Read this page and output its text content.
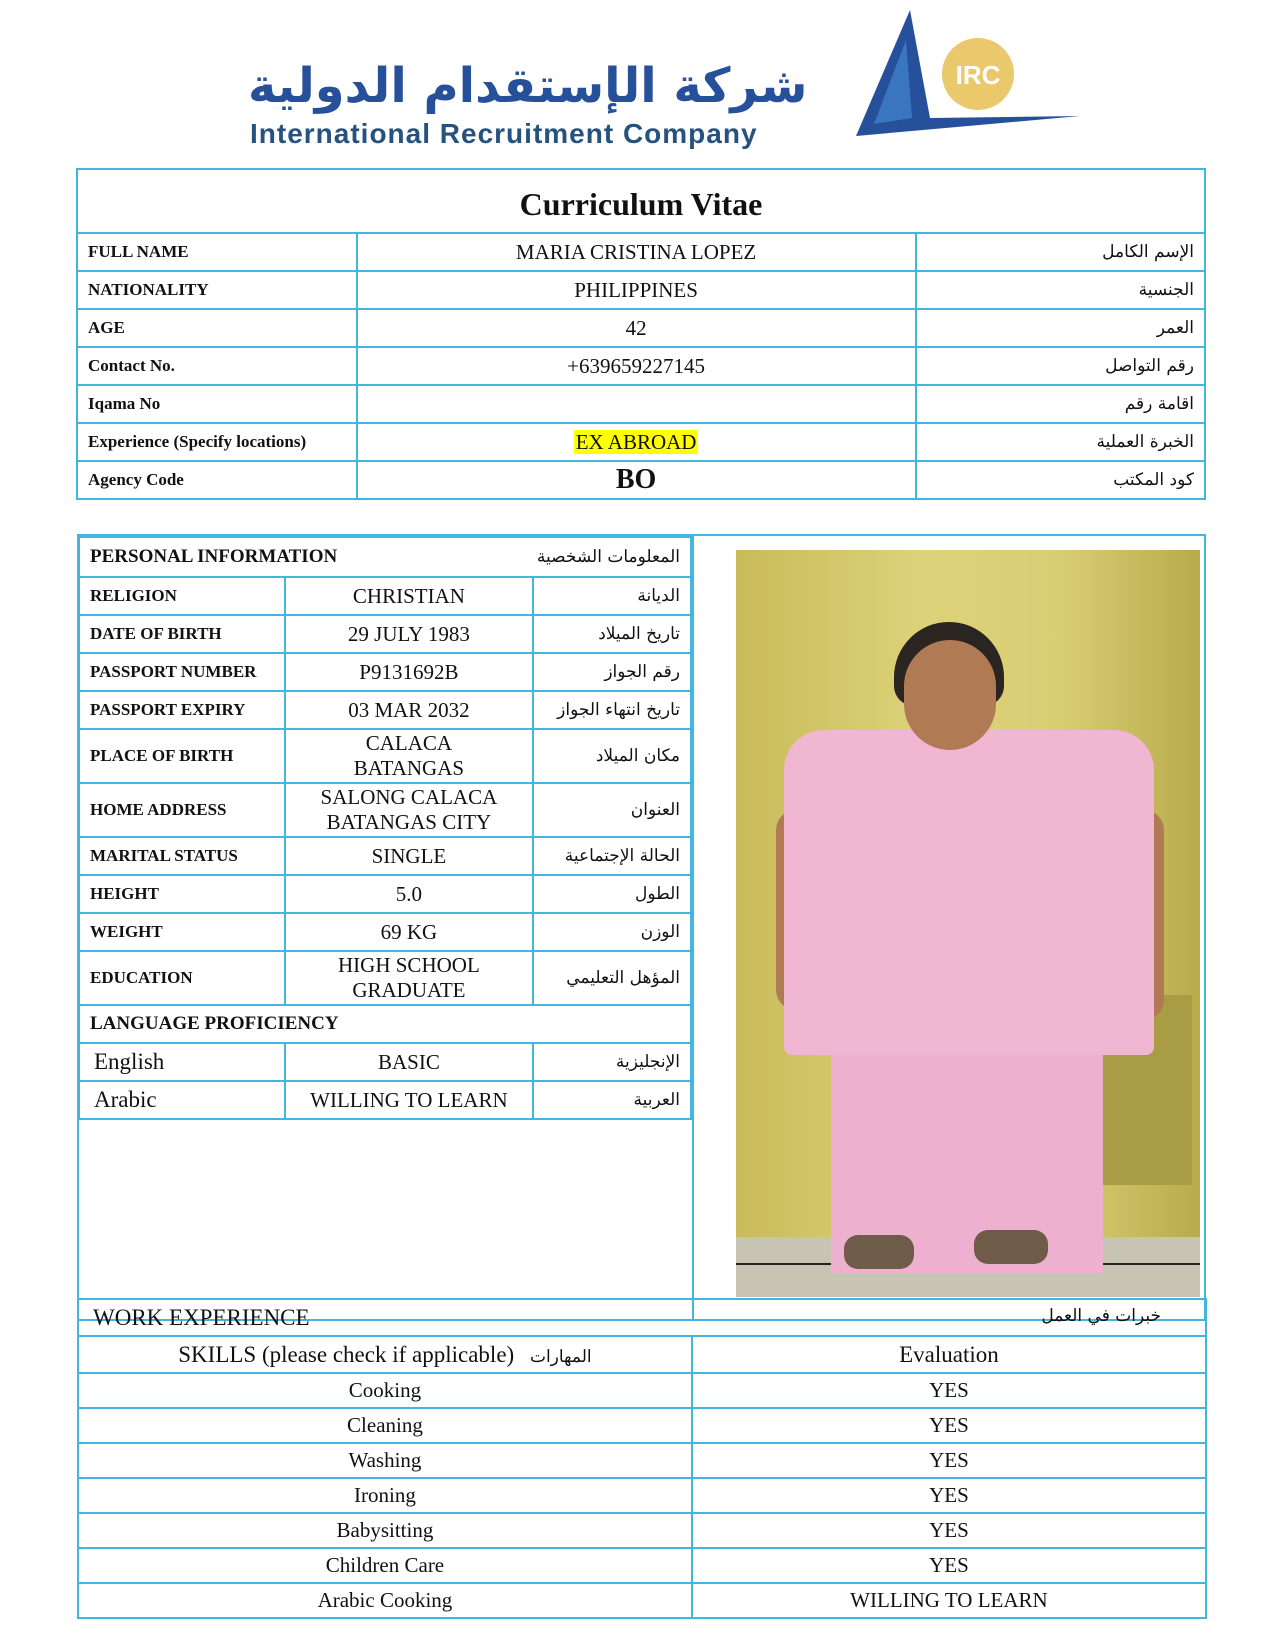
شركة الإستقدام الدولية
International Recruitment Company
IRC
Curriculum Vitae		
FULL NAME	MARIA CRISTINA LOPEZ	الإسم الكامل
NATIONALITY	PHILIPPINES	الجنسية
AGE	42	العمر
Contact No.	+639659227145	رقم التواصل
Iqama No		اقامة رقم
Experience (Specify locations)	EX ABROAD	الخبرة العملية
Agency Code	BO	كود المكتب
PERSONAL INFORMATION		المعلومات الشخصية
RELIGION	CHRISTIAN	الديانة
DATE OF BIRTH	29 JULY 1983	تاريخ الميلاد
PASSPORT NUMBER	P9131692B	رقم الجواز
PASSPORT EXPIRY	03 MAR 2032	تاريخ انتهاء الجواز
PLACE OF BIRTH	CALACA BATANGAS	مكان الميلاد
HOME ADDRESS	SALONG CALACA BATANGAS CITY	العنوان
MARITAL STATUS	SINGLE	الحالة الإجتماعية
HEIGHT	5.0	الطول
WEIGHT	69 KG	الوزن
EDUCATION	HIGH SCHOOL GRADUATE	المؤهل التعليمي
LANGUAGE PROFICIENCY		
English	BASIC	الإنجليزية
Arabic	WILLING TO LEARN	العربية
WORK EXPERIENCE خبرات في العمل	

SKILLS (please check if applicable) المهارات	Evaluation
Cooking	YES
Cleaning	YES
Washing	YES
Ironing	YES
Babysitting	YES
Children Care	YES
Arabic Cooking	WILLING TO LEARN
